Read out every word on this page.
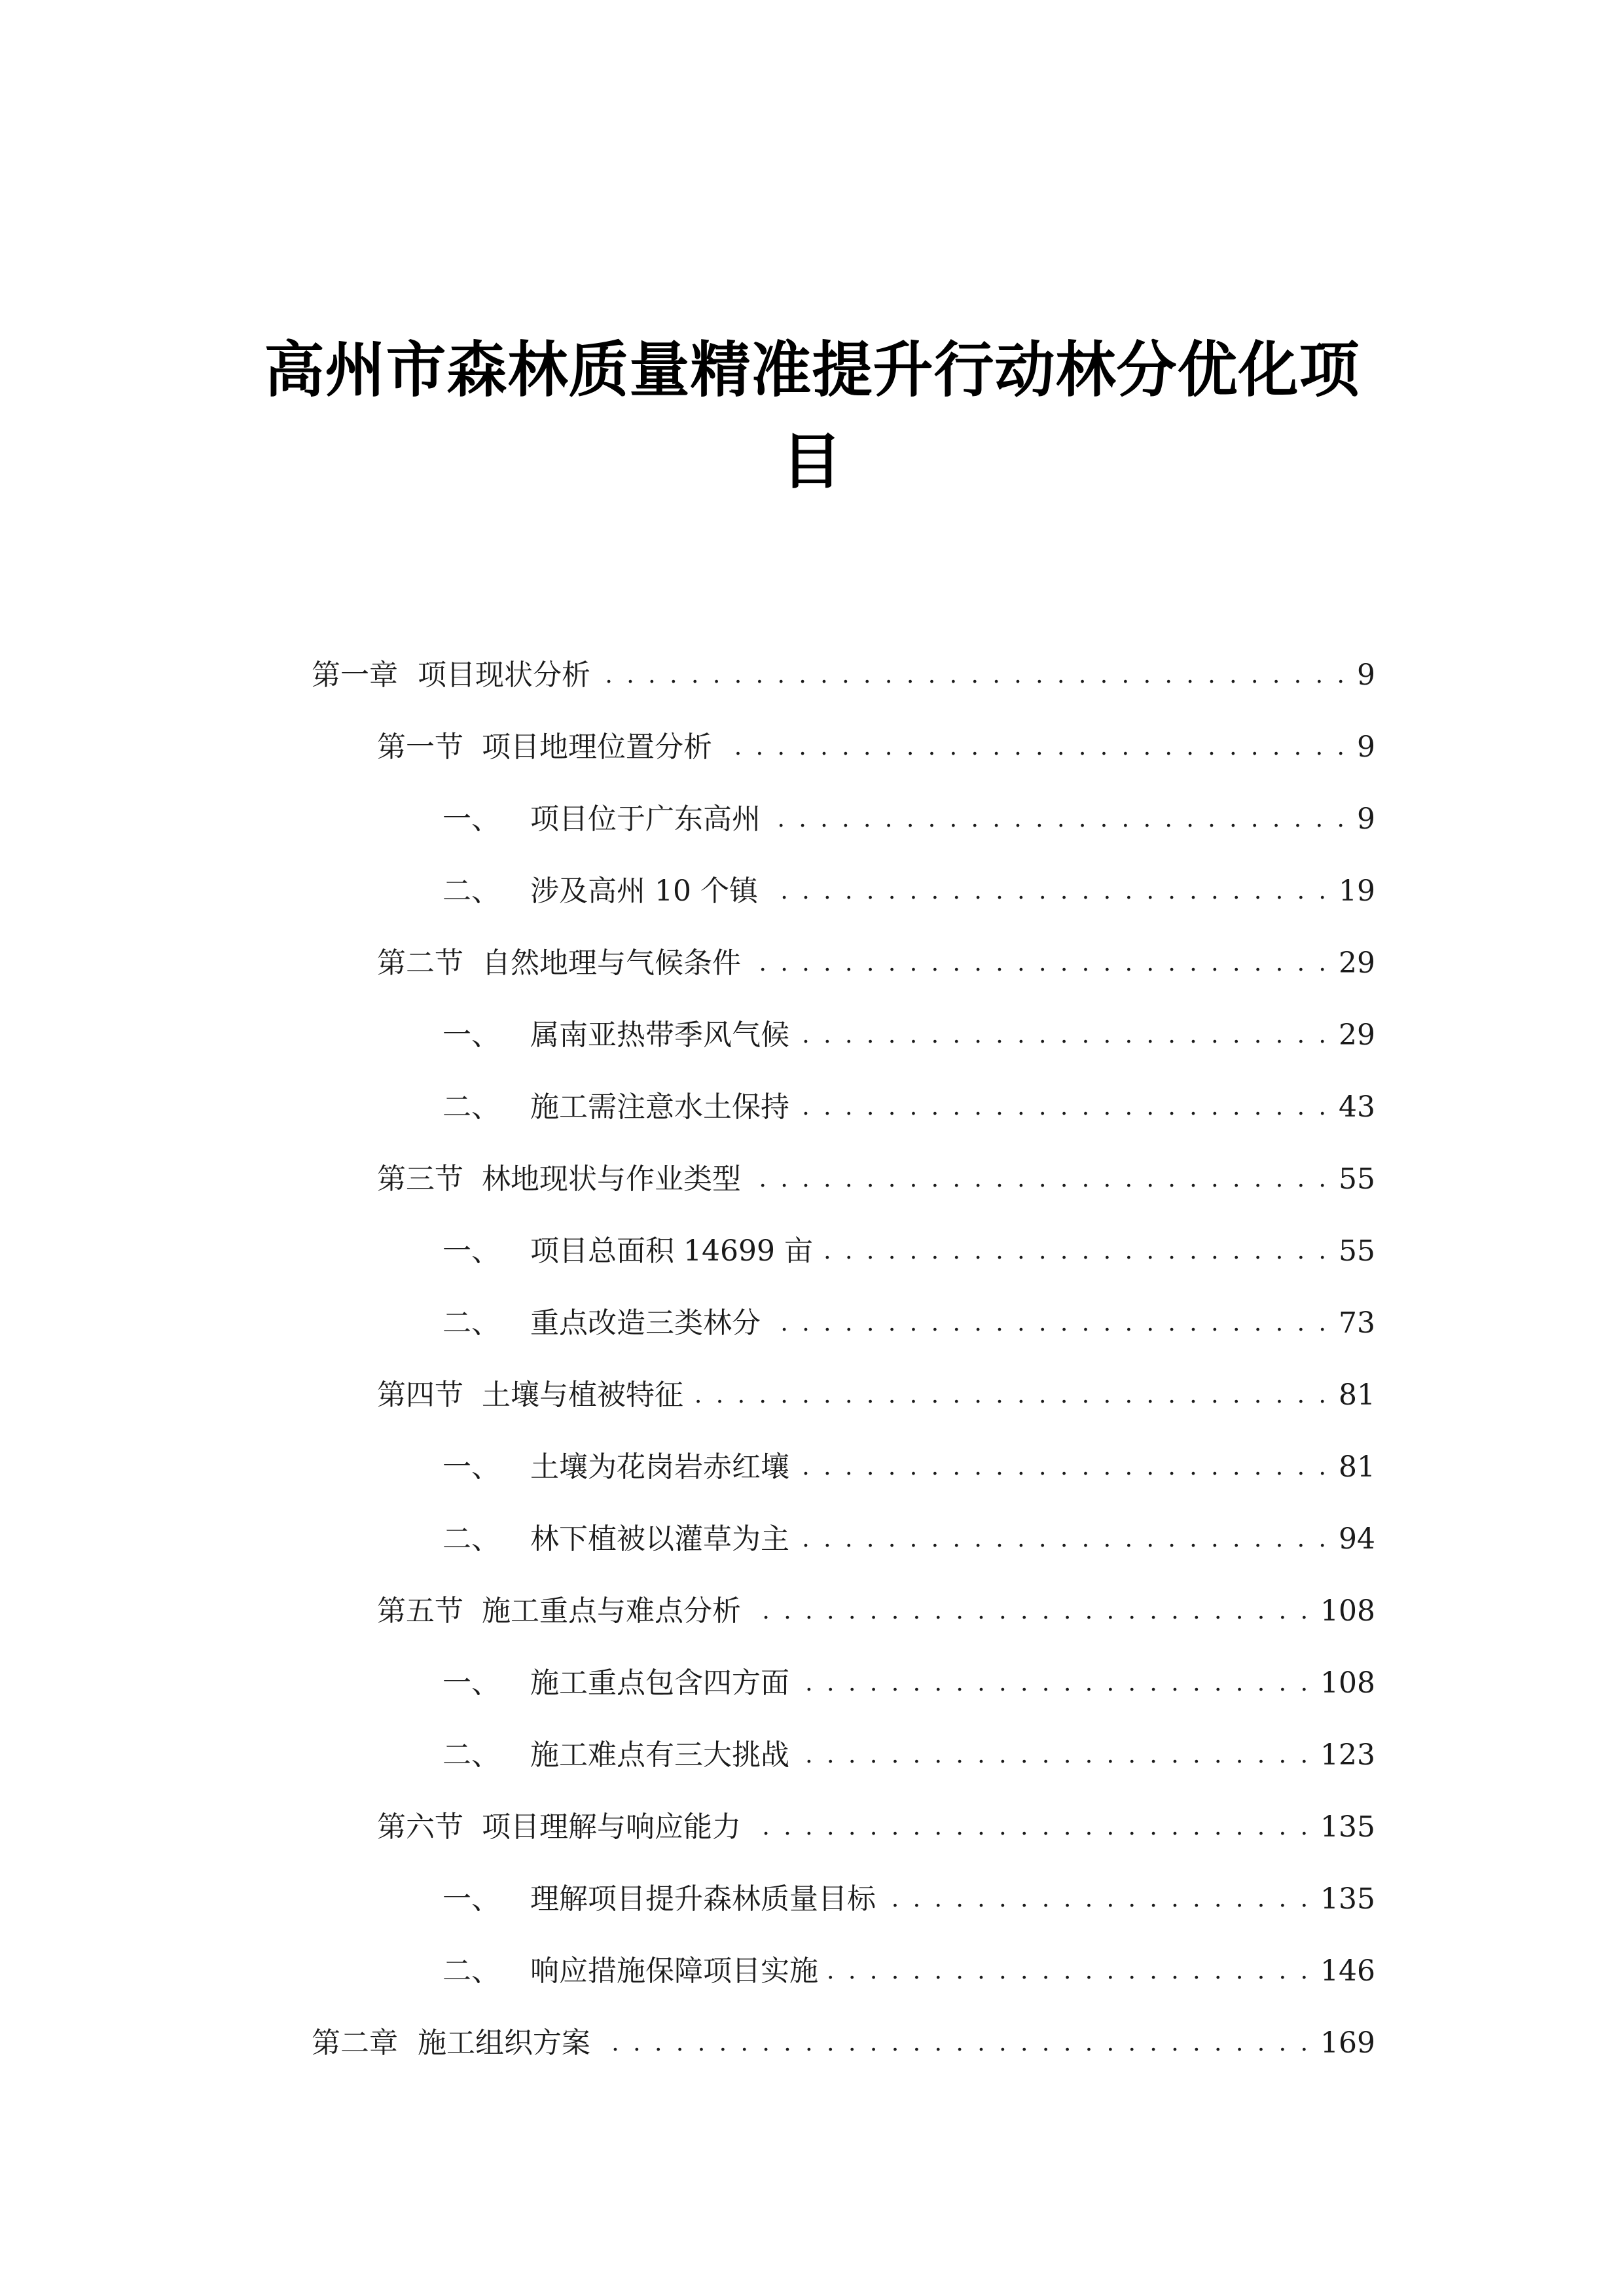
高州市森林质量精准提升行动林分优化项
目
第一章 项目现状分析 . . .	9
第一节 项目地理位置分析 . . .	9
一、	项目位于广东高州 . . .	9
二、	涉及高州 10 个镇 . . .	19
第二节 自然地理与气候条件 . . .	29
一、	属南亚热带季风气候 . . .	29
二、	施工需注意水土保持 . . .	43
第三节 林地现状与作业类型 . . .	55
一、	项目总面积 14699 亩 . . .	55
二、	重点改造三类林分 . . .	73
第四节 土壤与植被特征 . . .	81
一、	土壤为花岗岩赤红壤 . . .	81
二、	林下植被以灌草为主 . . .	94
第五节 施工重点与难点分析 . . .	108
一、	施工重点包含四方面 . . .	108
二、	施工难点有三大挑战 . . .	123
第六节 项目理解与响应能力 . . .	135
一、	理解项目提升森林质量目标 . . .	135
二、	响应措施保障项目实施 . . .	146
第二章 施工组织方案 . . .	169
